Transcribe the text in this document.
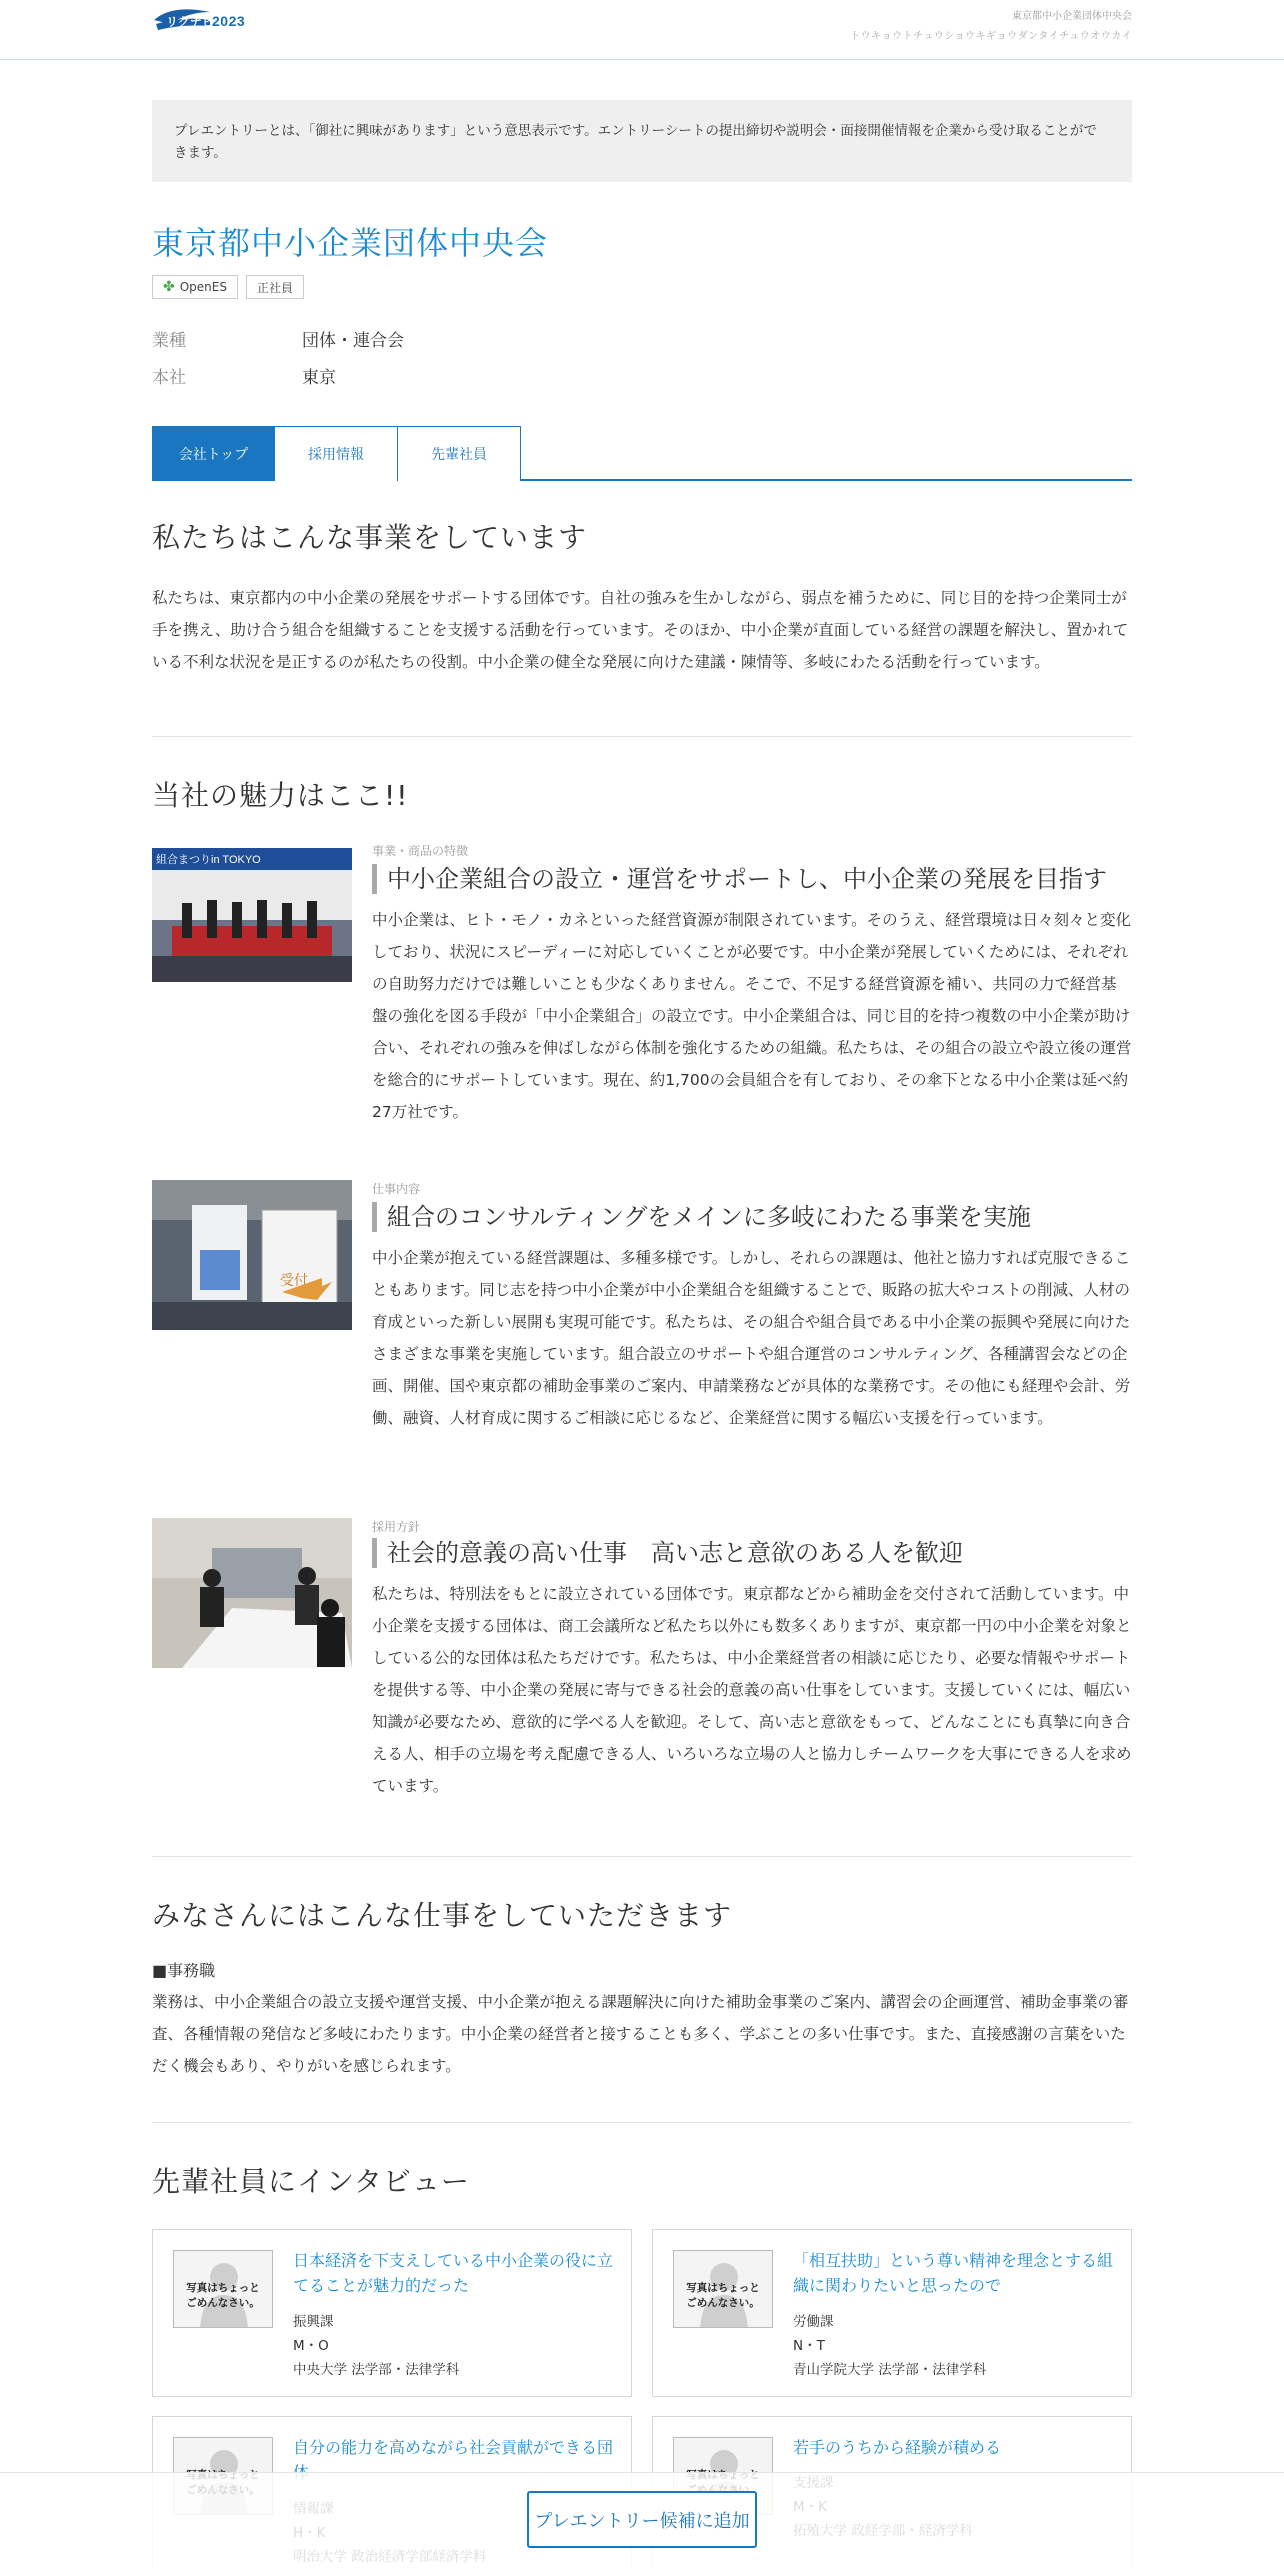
リクナビ
2023	東京都中小企業団体中央会
トウキョウトチュウショウキギョウダンタイチュウオウカイ
プレエントリーとは、「御社に興味があります」という意思表示です。エントリーシートの提出締切や説明会・面接開催情報を企業から受け取ることができます。
東京都中小企業団体中央会
✤ OpenES	正社員
業種	団体・連合会
本社	東京
会社トップ	採用情報	先輩社員
私たちはこんな事業をしています

私たちは、東京都内の中小企業の発展をサポートする団体です。自社の強みを生かしながら、弱点を補うために、同じ目的を持つ企業同士が手を携え、助け合う組合を組織することを支援する活動を行っています。そのほか、中小企業が直面している経営の課題を解決し、置かれている不利な状況を是正するのが私たちの役割。中小企業の健全な発展に向けた建議・陳情等、多岐にわたる活動を行っています。

当社の魅力はここ!!
組合まつりin TOKYO
事業・商品の特徴
中小企業組合の設立・運営をサポートし、中小企業の発展を目指す

中小企業は、ヒト・モノ・カネといった経営資源が制限されています。そのうえ、経営環境は日々刻々と変化しており、状況にスピーディーに対応していくことが必要です。中小企業が発展していくためには、それぞれの自助努力だけでは難しいことも少なくありません。そこで、不足する経営資源を補い、共同の力で経営基盤の強化を図る手段が「中小企業組合」の設立です。中小企業組合は、同じ目的を持つ複数の中小企業が助け合い、それぞれの強みを伸ばしながら体制を強化するための組織。私たちは、その組合の設立や設立後の運営を総合的にサポートしています。現在、約1,700の会員組合を有しており、その傘下となる中小企業は延べ約27万社です。

受付
仕事内容
組合のコンサルティングをメインに多岐にわたる事業を実施

中小企業が抱えている経営課題は、多種多様です。しかし、それらの課題は、他社と協力すれば克服できることもあります。同じ志を持つ中小企業が中小企業組合を組織することで、販路の拡大やコストの削減、人材の育成といった新しい展開も実現可能です。私たちは、その組合や組合員である中小企業の振興や発展に向けたさまざまな事業を実施しています。組合設立のサポートや組合運営のコンサルティング、各種講習会などの企画、開催、国や東京都の補助金事業のご案内、申請業務などが具体的な業務です。その他にも経理や会計、労働、融資、人材育成に関するご相談に応じるなど、企業経営に関する幅広い支援を行っています。

採用方針
社会的意義の高い仕事　高い志と意欲のある人を歓迎

私たちは、特別法をもとに設立されている団体です。東京都などから補助金を交付されて活動しています。中小企業を支援する団体は、商工会議所など私たち以外にも数多くありますが、東京都一円の中小企業を対象としている公的な団体は私たちだけです。私たちは、中小企業経営者の相談に応じたり、必要な情報やサポートを提供する等、中小企業の発展に寄与できる社会的意義の高い仕事をしています。支援していくには、幅広い知識が必要なため、意欲的に学べる人を歓迎。そして、高い志と意欲をもって、どんなことにも真摯に向き合える人、相手の立場を考え配慮できる人、いろいろな立場の人と協力しチームワークを大事にできる人を求めています。

みなさんにはこんな仕事をしていただきます
■事務職

業務は、中小企業組合の設立支援や運営支援、中小企業が抱える課題解決に向けた補助金事業のご案内、講習会の企画運営、補助金事業の審査、各種情報の発信など多岐にわたります。中小企業の経営者と接することも多く、学ぶことの多い仕事です。また、直接感謝の言葉をいただく機会もあり、やりがいを感じられます。

先輩社員にインタビュー
写真はちょっと
ごめんなさい。
日本経済を下支えしている中小企業の役に立てることが魅力的だった
振興課
M・O
中央大学 法学部・法律学科
写真はちょっと
ごめんなさい。
「相互扶助」という尊い精神を理念とする組織に関わりたいと思ったので
労働課
N・T
青山学院大学 法学部・法律学科

自分の能力を高めながら社会貢献ができる団	若手のうちから経験が積める
プレエントリー候補に追加
